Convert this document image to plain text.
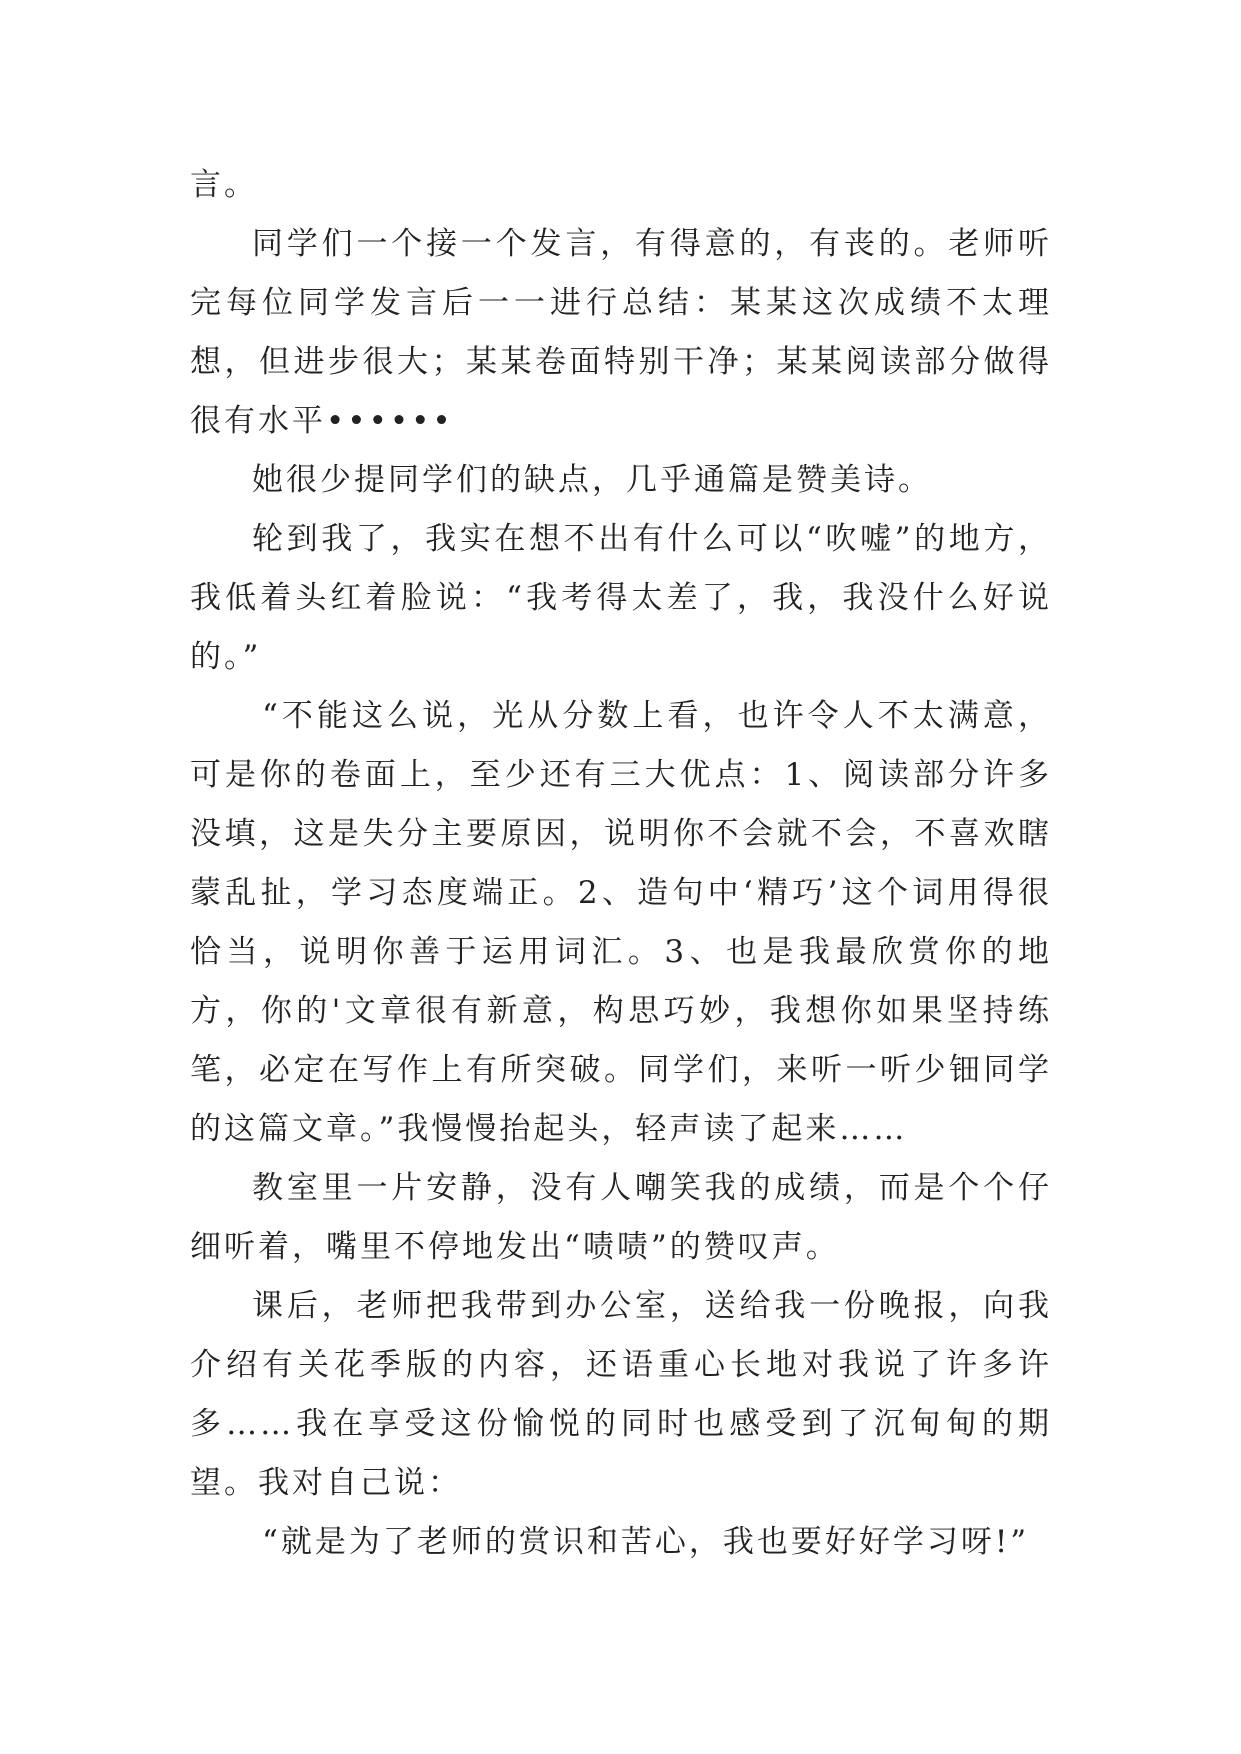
言。

同学们一个接一个发言，有得意的，有丧的。老师听完每位同学发言后一一进行总结：某某这次成绩不太理想，但进步很大；某某卷面特别干净；某某阅读部分做得很有水平••••••

她很少提同学们的缺点，几乎通篇是赞美诗。

轮到我了，我实在想不出有什么可以“吹嘘”的地方，我低着头红着脸说：“我考得太差了，我，我没什么好说的。”

“不能这么说，光从分数上看，也许令人不太满意，可是你的卷面上，至少还有三大优点：1、阅读部分许多没填，这是失分主要原因，说明你不会就不会，不喜欢瞎蒙乱扯，学习态度端正。2、造句中‘精巧’这个词用得很恰当，说明你善于运用词汇。3、也是我最欣赏你的地方，你的'文章很有新意，构思巧妙，我想你如果坚持练笔，必定在写作上有所突破。同学们，来听一听少钿同学的这篇文章。”我慢慢抬起头，轻声读了起来……

教室里一片安静，没有人嘲笑我的成绩，而是个个仔细听着，嘴里不停地发出“啧啧”的赞叹声。

课后，老师把我带到办公室，送给我一份晚报，向我介绍有关花季版的内容，还语重心长地对我说了许多许多……我在享受这份愉悦的同时也感受到了沉甸甸的期望。我对自己说：

“就是为了老师的赏识和苦心，我也要好好学习呀!”
